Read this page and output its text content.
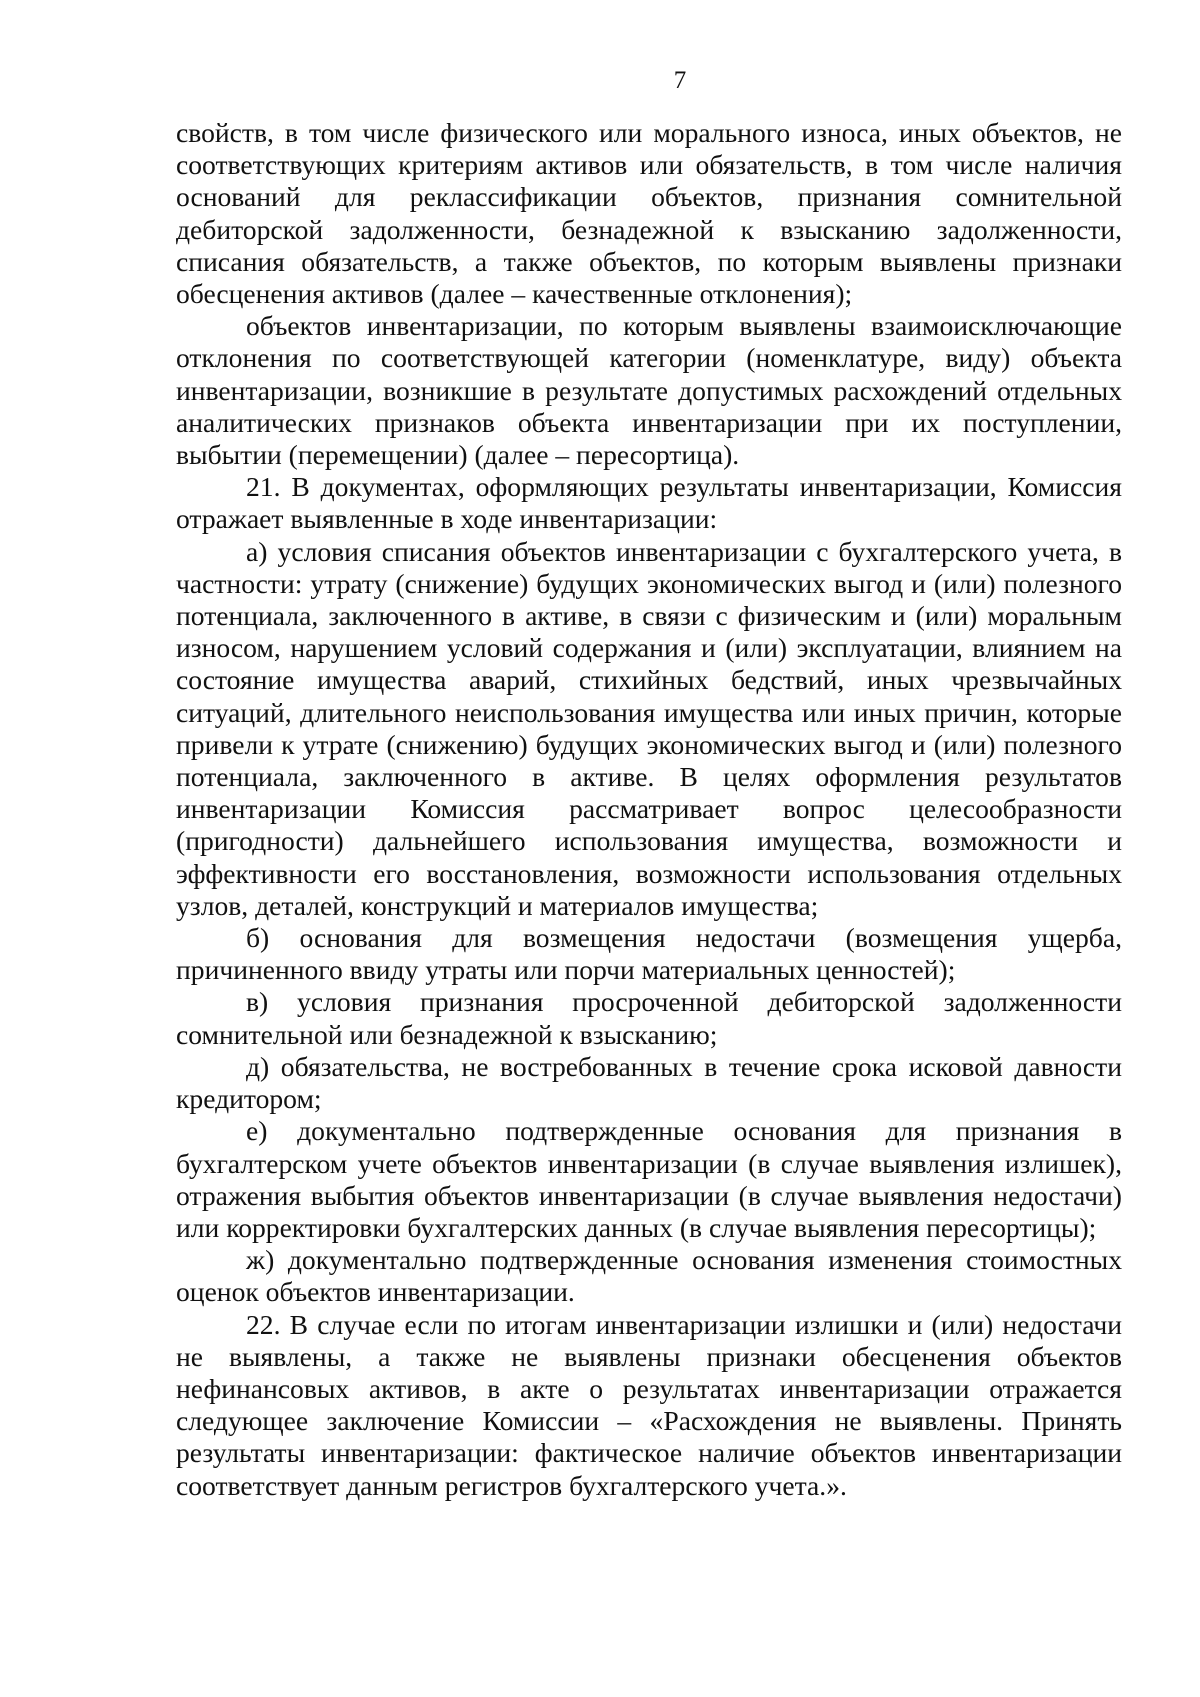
7

свойств, в том числе физического или морального износа, иных объектов, не соответствующих критериям активов или обязательств, в том числе наличия оснований для реклассификации объектов, признания сомнительной дебиторской задолженности, безнадежной к взысканию задолженности, списания обязательств, а также объектов, по которым выявлены признаки обесценения активов (далее – качественные отклонения);

объектов инвентаризации, по которым выявлены взаимоисключающие отклонения по соответствующей категории (номенклатуре, виду) объекта инвентаризации, возникшие в результате допустимых расхождений отдельных аналитических признаков объекта инвентаризации при их поступлении, выбытии (перемещении) (далее – пересортица).

21. В документах, оформляющих результаты инвентаризации, Комиссия отражает выявленные в ходе инвентаризации:

а) условия списания объектов инвентаризации с бухгалтерского учета, в частности: утрату (снижение) будущих экономических выгод и (или) полезного потенциала, заключенного в активе, в связи с физическим и (или) моральным износом, нарушением условий содержания и (или) эксплуатации, влиянием на состояние имущества аварий, стихийных бедствий, иных чрезвычайных ситуаций, длительного неиспользования имущества или иных причин, которые привели к утрате (снижению) будущих экономических выгод и (или) полезного потенциала, заключенного в активе. В целях оформления результатов инвентаризации Комиссия рассматривает вопрос целесообразности (пригодности) дальнейшего использования имущества, возможности и эффективности его восстановления, возможности использования отдельных узлов, деталей, конструкций и материалов имущества;

б) основания для возмещения недостачи (возмещения ущерба, причиненного ввиду утраты или порчи материальных ценностей);

в) условия признания просроченной дебиторской задолженности сомнительной или безнадежной к взысканию;

д) обязательства, не востребованных в течение срока исковой давности кредитором;

е) документально подтвержденные основания для признания в бухгалтерском учете объектов инвентаризации (в случае выявления излишек), отражения выбытия объектов инвентаризации (в случае выявления недостачи) или корректировки бухгалтерских данных (в случае выявления пересортицы);

ж) документально подтвержденные основания изменения стоимостных оценок объектов инвентаризации.

22. В случае если по итогам инвентаризации излишки и (или) недостачи не выявлены, а также не выявлены признаки обесценения объектов нефинансовых активов, в акте о результатах инвентаризации отражается следующее заключение Комиссии – «Расхождения не выявлены. Принять результаты инвентаризации: фактическое наличие объектов инвентаризации соответствует данным регистров бухгалтерского учета.».
